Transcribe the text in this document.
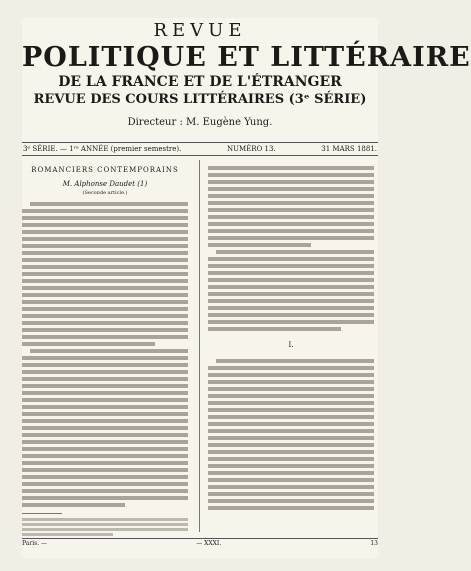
REVUE
POLITIQUE ET LITTÉRAIRE
DE LA FRANCE ET DE L'ÉTRANGER
REVUE DES COURS LITTÉRAIRES (3ᵉ SÉRIE)
Directeur : M. Eugène Yung.
3ᵉ SÉRIE. — 1ʳᵉ ANNÉE (premier semestre).	NUMÉRO 13.	31 MARS 1881.
ROMANCIERS CONTEMPORAINS
M. Alphonse Daudet (1)
(Seconde article.)
I.
Paris. —	— XXXI.	13
